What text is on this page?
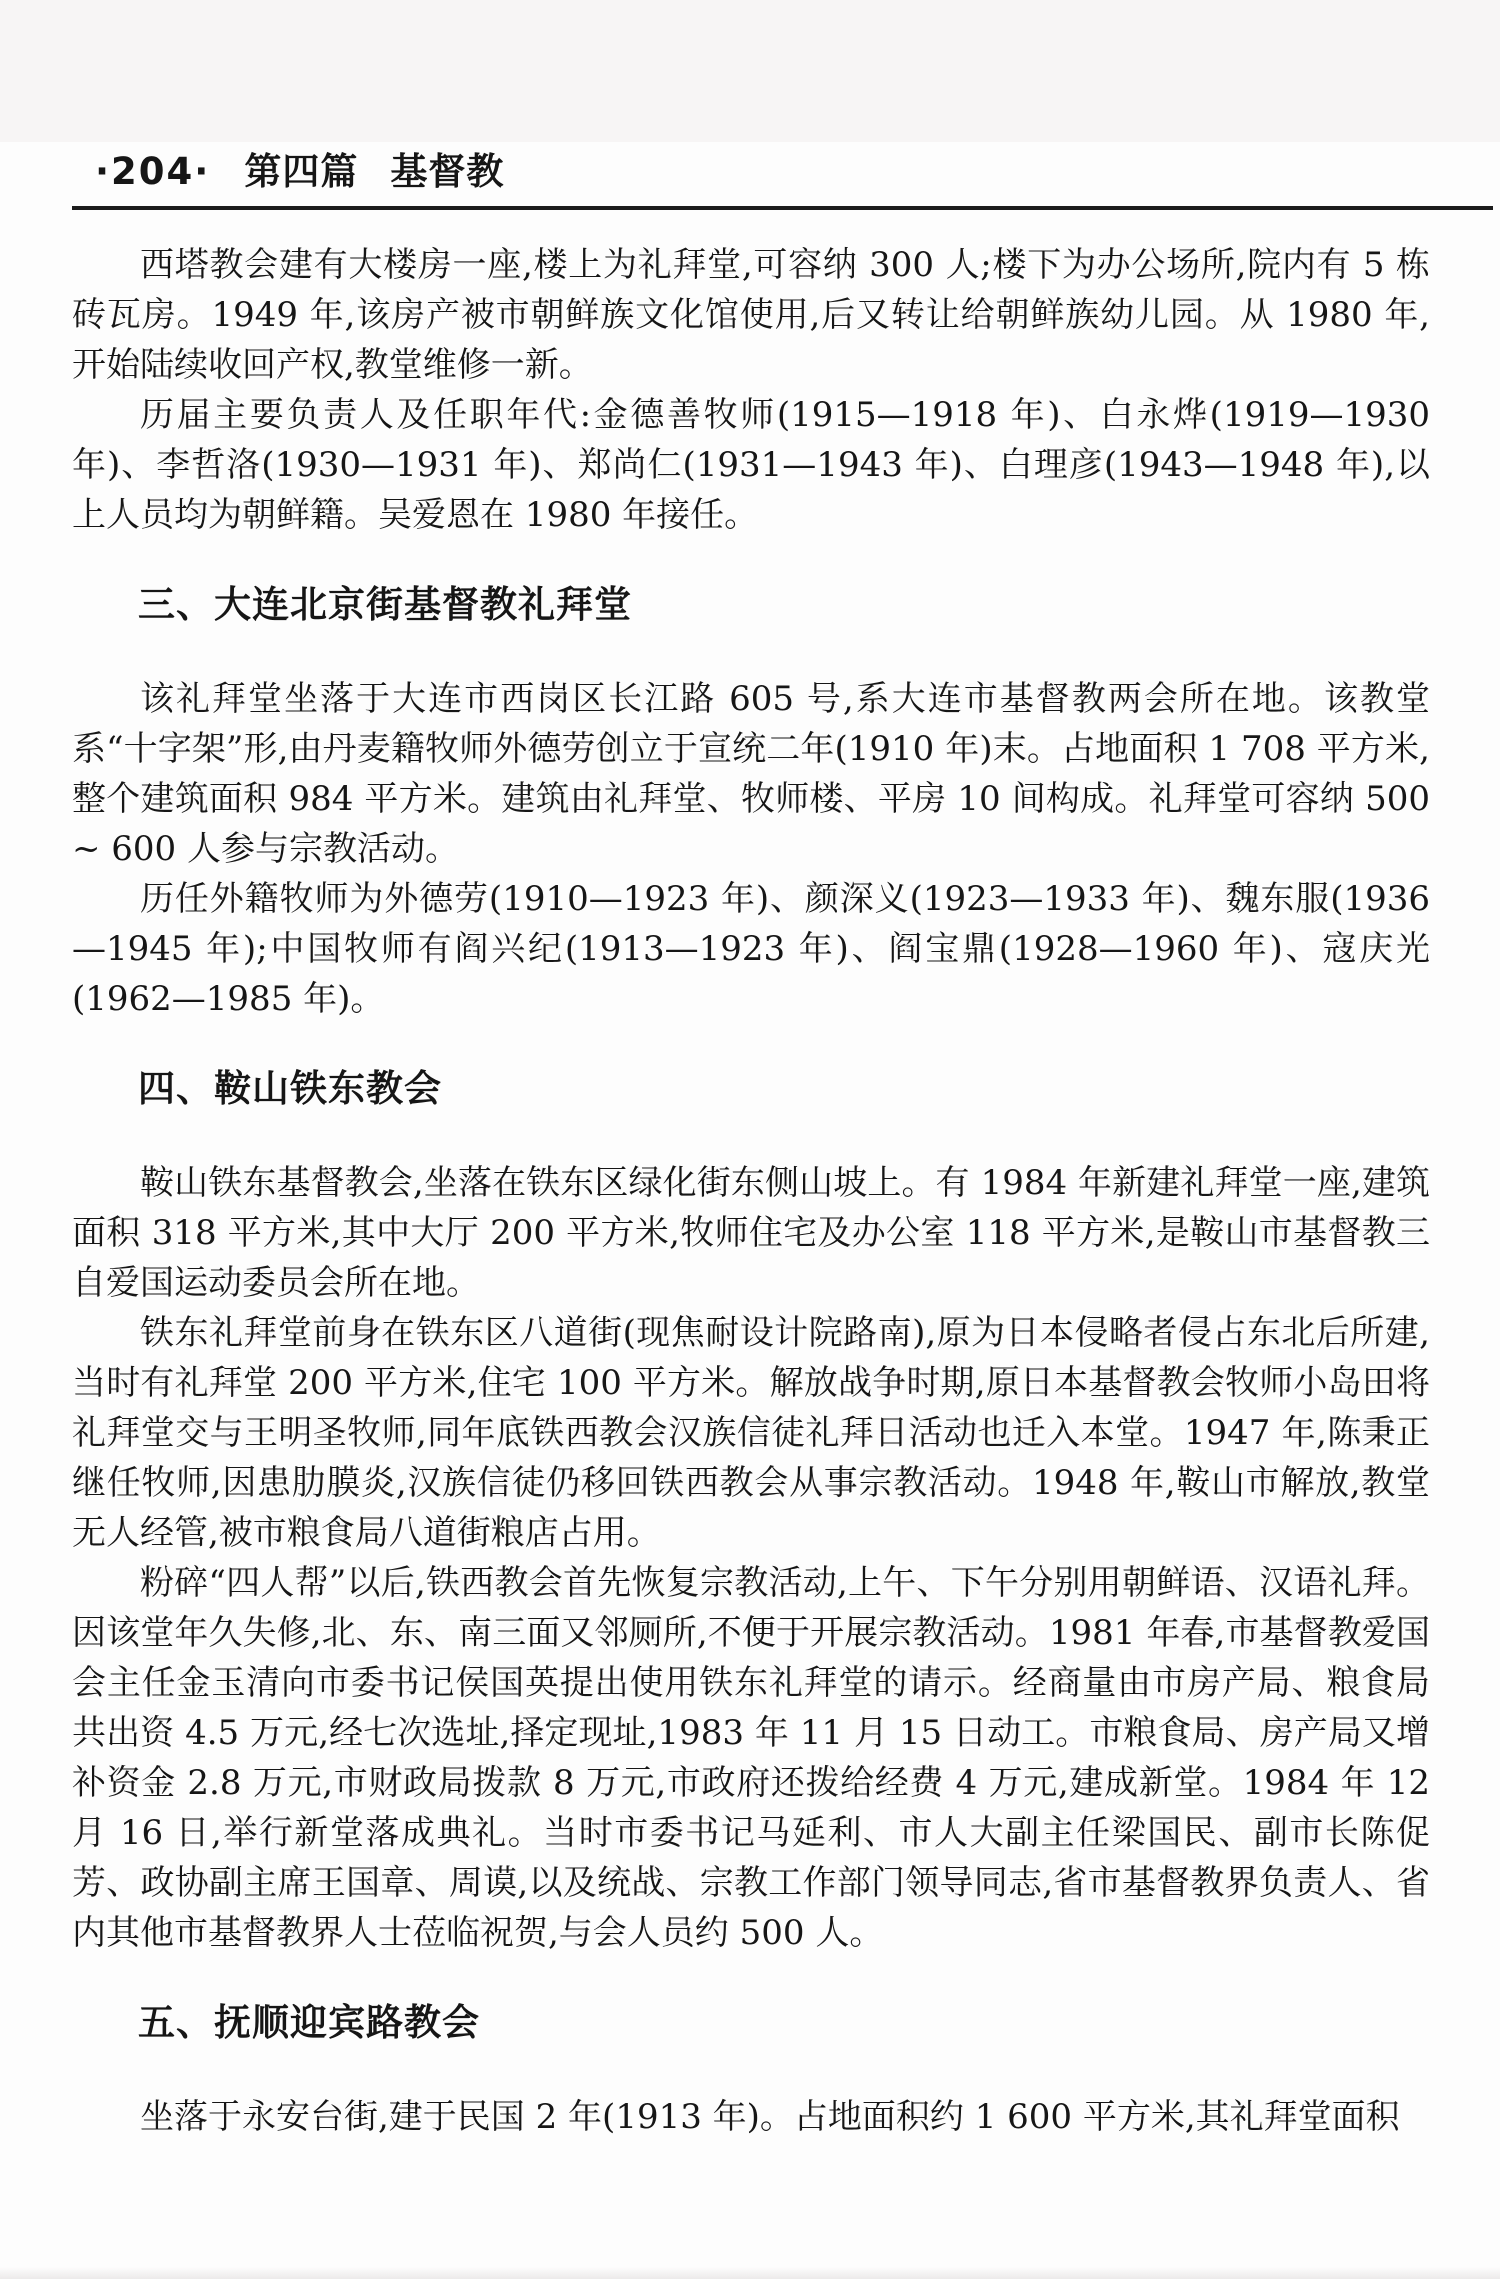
·204· 第四篇 基督教

西塔教会建有大楼房一座,楼上为礼拜堂,可容纳 300 人;楼下为办公场所,院内有 5 栋砖瓦房。1949 年,该房产被市朝鲜族文化馆使用,后又转让给朝鲜族幼儿园。从 1980 年,开始陆续收回产权,教堂维修一新。

历届主要负责人及任职年代:金德善牧师(1915—1918 年)、白永烨(1919—1930 年)、李哲洛(1930—1931 年)、郑尚仁(1931—1943 年)、白理彦(1943—1948 年),以上人员均为朝鲜籍。吴爱恩在 1980 年接任。

三、大连北京街基督教礼拜堂

该礼拜堂坐落于大连市西岗区长江路 605 号,系大连市基督教两会所在地。该教堂系“十字架”形,由丹麦籍牧师外德劳创立于宣统二年(1910 年)末。占地面积 1 708 平方米,整个建筑面积 984 平方米。建筑由礼拜堂、牧师楼、平房 10 间构成。礼拜堂可容纳 500 ~ 600 人参与宗教活动。

历任外籍牧师为外德劳(1910—1923 年)、颜深义(1923—1933 年)、魏东服(1936—1945 年);中国牧师有阎兴纪(1913—1923 年)、阎宝鼎(1928—1960 年)、寇庆光(1962—1985 年)。

四、鞍山铁东教会

鞍山铁东基督教会,坐落在铁东区绿化街东侧山坡上。有 1984 年新建礼拜堂一座,建筑面积 318 平方米,其中大厅 200 平方米,牧师住宅及办公室 118 平方米,是鞍山市基督教三自爱国运动委员会所在地。

铁东礼拜堂前身在铁东区八道街(现焦耐设计院路南),原为日本侵略者侵占东北后所建,当时有礼拜堂 200 平方米,住宅 100 平方米。解放战争时期,原日本基督教会牧师小岛田将礼拜堂交与王明圣牧师,同年底铁西教会汉族信徒礼拜日活动也迁入本堂。1947 年,陈秉正继任牧师,因患肋膜炎,汉族信徒仍移回铁西教会从事宗教活动。1948 年,鞍山市解放,教堂无人经管,被市粮食局八道街粮店占用。

粉碎“四人帮”以后,铁西教会首先恢复宗教活动,上午、下午分别用朝鲜语、汉语礼拜。因该堂年久失修,北、东、南三面又邻厕所,不便于开展宗教活动。1981 年春,市基督教爱国会主任金玉清向市委书记侯国英提出使用铁东礼拜堂的请示。经商量由市房产局、粮食局共出资 4.5 万元,经七次选址,择定现址,1983 年 11 月 15 日动工。市粮食局、房产局又增补资金 2.8 万元,市财政局拨款 8 万元,市政府还拨给经费 4 万元,建成新堂。1984 年 12 月 16 日,举行新堂落成典礼。当时市委书记马延利、市人大副主任梁国民、副市长陈促芳、政协副主席王国章、周谟,以及统战、宗教工作部门领导同志,省市基督教界负责人、省内其他市基督教界人士莅临祝贺,与会人员约 500 人。

五、抚顺迎宾路教会

坐落于永安台街,建于民国 2 年(1913 年)。占地面积约 1 600 平方米,其礼拜堂面积
